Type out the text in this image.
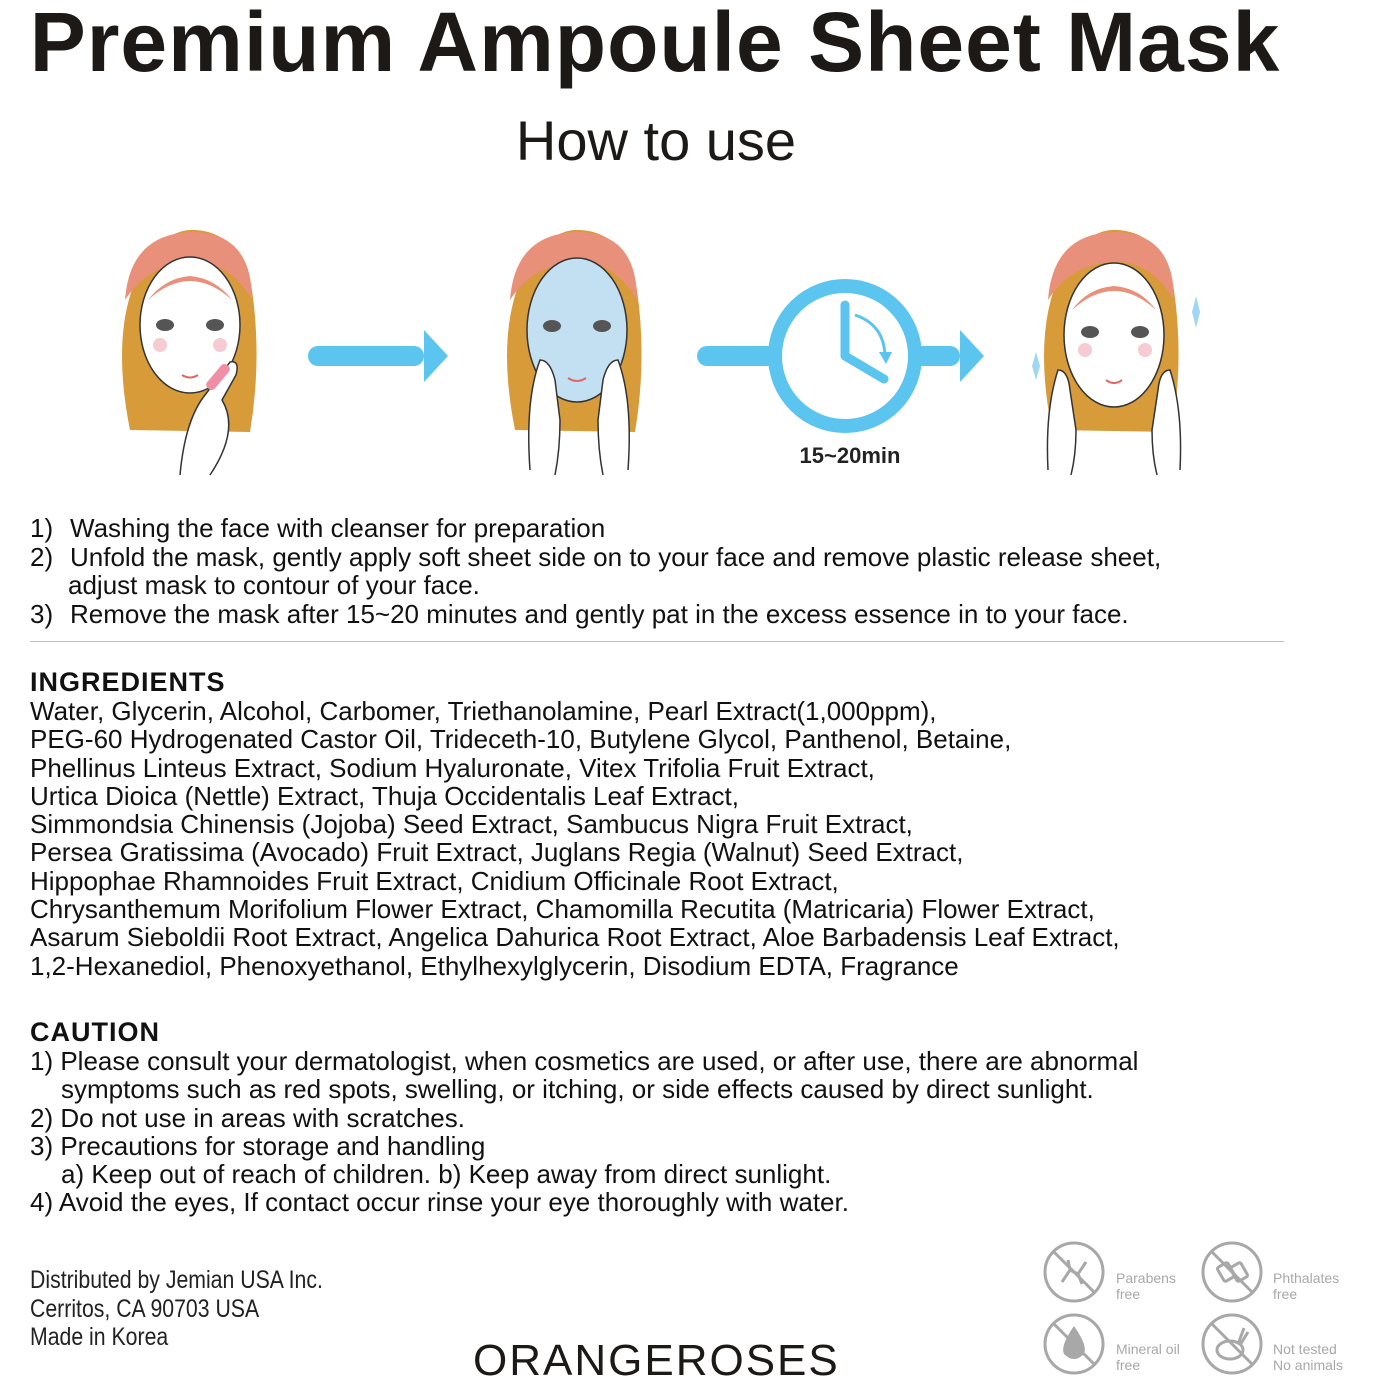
Premium Ampoule Sheet Mask
How to use
15~20min
1) Washing the face with cleanser for preparation
2) Unfold the mask, gently apply soft sheet side on to your face and remove plastic release sheet,
adjust mask to contour of your face.
3) Remove the mask after 15~20 minutes and gently pat in the excess essence in to your face.
INGREDIENTS
Water, Glycerin, Alcohol, Carbomer, Triethanolamine, Pearl Extract(1,000ppm),
PEG-60 Hydrogenated Castor Oil, Trideceth-10, Butylene Glycol, Panthenol, Betaine,
Phellinus Linteus Extract, Sodium Hyaluronate, Vitex Trifolia Fruit Extract,
Urtica Dioica (Nettle) Extract, Thuja Occidentalis Leaf Extract,
Simmondsia Chinensis (Jojoba) Seed Extract, Sambucus Nigra Fruit Extract,
Persea Gratissima (Avocado) Fruit Extract, Juglans Regia (Walnut) Seed Extract,
Hippophae Rhamnoides Fruit Extract, Cnidium Officinale Root Extract,
Chrysanthemum Morifolium Flower Extract, Chamomilla Recutita (Matricaria) Flower Extract,
Asarum Sieboldii Root Extract, Angelica Dahurica Root Extract, Aloe Barbadensis Leaf Extract,
1,2-Hexanediol, Phenoxyethanol, Ethylhexylglycerin, Disodium EDTA, Fragrance
CAUTION
1) Please consult your dermatologist, when cosmetics are used, or after use, there are abnormal
symptoms such as red spots, swelling, or itching, or side effects caused by direct sunlight.
2) Do not use in areas with scratches.
3) Precautions for storage and handling
a) Keep out of reach of children. b) Keep away from direct sunlight.
4) Avoid the eyes, If contact occur rinse your eye thoroughly with water.
Distributed by Jemian USA Inc.
Cerritos, CA 90703 USA
Made in Korea	ORANGEROSES
Parabens
free
Phthalates
free
Mineral oil
free
Not tested
No animals
